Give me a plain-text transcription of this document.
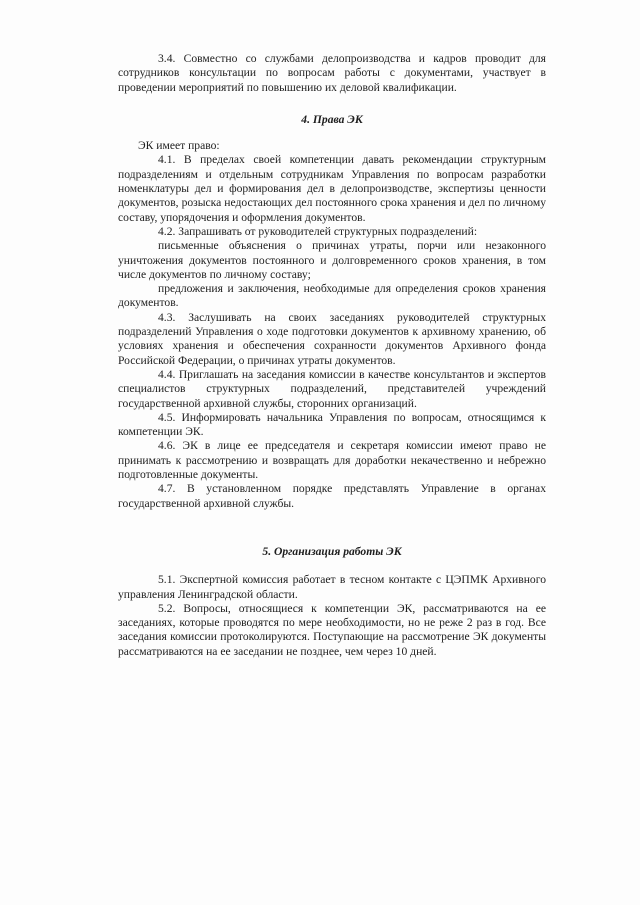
3.4. Совместно со службами делопроизводства и кадров проводит для сотрудников консультации по вопросам работы с документами, участвует в проведении мероприятий по повышению их деловой квалификации.

4. Права ЭК

ЭК имеет право:

4.1. В пределах своей компетенции давать рекомендации структурным подразделениям и отдельным сотрудникам Управления по вопросам разработки номенклатуры дел и формирования дел в делопроизводстве, экспертизы ценности документов, розыска недостающих дел постоянного срока хранения и дел по личному составу, упорядочения и оформления документов.

4.2. Запрашивать от руководителей структурных подразделений:

письменные объяснения о причинах утраты, порчи или незаконного уничтожения документов постоянного и долговременного сроков хранения, в том числе документов по личному составу;

предложения и заключения, необходимые для определения сроков хранения документов.

4.3. Заслушивать на своих заседаниях руководителей структурных подразделений Управления о ходе подготовки документов к архивному хранению, об условиях хранения и обеспечения сохранности документов Архивного фонда Российской Федерации, о причинах утраты документов.

4.4. Приглашать на заседания комиссии в качестве консультантов и экспертов специалистов структурных подразделений, представителей учреждений государственной архивной службы, сторонних организаций.

4.5. Информировать начальника Управления по вопросам, относящимся к компетенции ЭК.

4.6. ЭК в лице ее председателя и секретаря комиссии имеют право не принимать к рассмотрению и возвращать для доработки некачественно и небрежно подготовленные документы.

4.7. В установленном порядке представлять Управление в органах государственной архивной службы.

5. Организация работы ЭК

5.1. Экспертной комиссия работает в тесном контакте с ЦЭПМК Архивного управления Ленинградской области.

5.2. Вопросы, относящиеся к компетенции ЭК, рассматриваются на ее заседаниях, которые проводятся по мере необходимости, но не реже 2 раз в год. Все заседания комиссии протоколируются. Поступающие на рассмотрение ЭК документы рассматриваются на ее заседании не позднее, чем через 10 дней.
